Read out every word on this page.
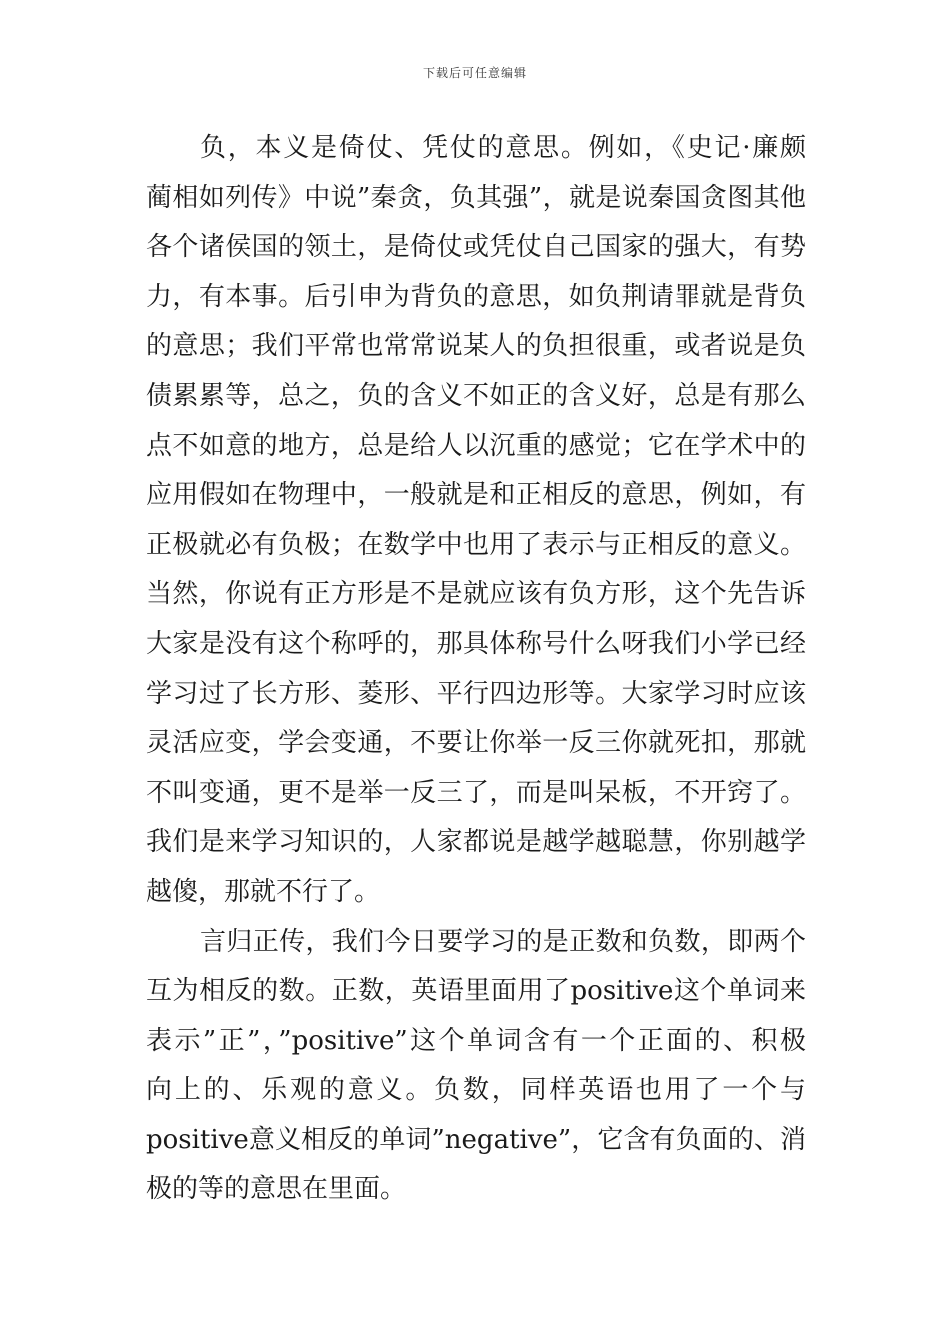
下载后可任意编辑
负，本义是倚仗、凭仗的意思。例如，《史记·廉颇
蔺相如列传》中说”秦贪，负其强”，就是说秦国贪图其他
各个诸侯国的领土，是倚仗或凭仗自己国家的强大，有势
力，有本事。后引申为背负的意思，如负荆请罪就是背负
的意思；我们平常也常常说某人的负担很重，或者说是负
债累累等，总之，负的含义不如正的含义好，总是有那么
点不如意的地方，总是给人以沉重的感觉；它在学术中的
应用假如在物理中，一般就是和正相反的意思，例如，有
正极就必有负极；在数学中也用了表示与正相反的意义。
当然，你说有正方形是不是就应该有负方形，这个先告诉
大家是没有这个称呼的，那具体称号什么呀我们小学已经
学习过了长方形、菱形、平行四边形等。大家学习时应该
灵活应变，学会变通，不要让你举一反三你就死扣，那就
不叫变通，更不是举一反三了，而是叫呆板，不开窍了。
我们是来学习知识的，人家都说是越学越聪慧，你别越学
越傻，那就不行了。
言归正传，我们今日要学习的是正数和负数，即两个
互为相反的数。正数，英语里面用了positive这个单词来
表示”正”，”positive”这个单词含有一个正面的、积极
向上的、乐观的意义。负数，同样英语也用了一个与
positive意义相反的单词”negative”，它含有负面的、消
极的等的意思在里面。
